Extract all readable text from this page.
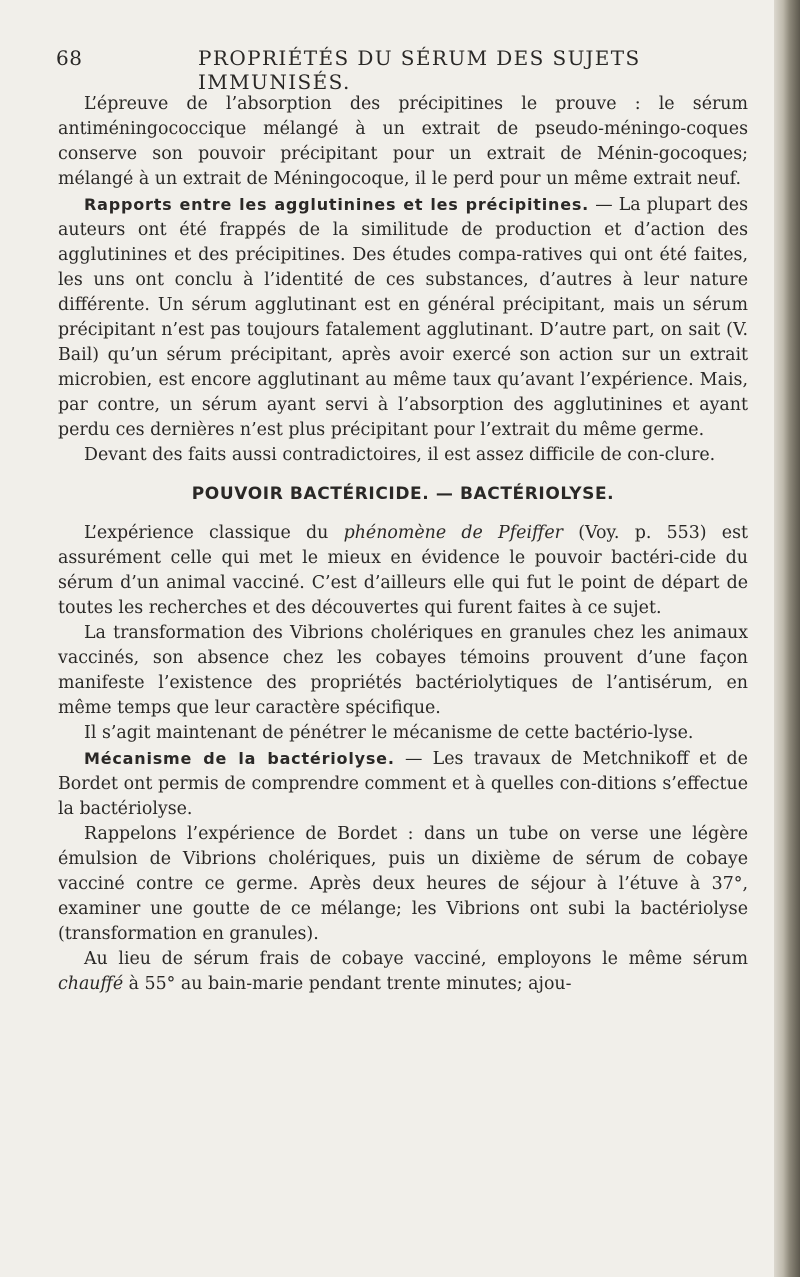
68	PROPRIÉTÉS DU SÉRUM DES SUJETS IMMUNISÉS.

L’épreuve de l’absorption des précipitines le prouve : le sérum antiméningococcique mélangé à un extrait de pseudo-méningo-coques conserve son pouvoir précipitant pour un extrait de Ménin-gocoques; mélangé à un extrait de Méningocoque, il le perd pour un même extrait neuf.

Rapports entre les agglutinines et les précipitines. — La plupart des auteurs ont été frappés de la similitude de production et d’action des agglutinines et des précipitines. Des études compa-ratives qui ont été faites, les uns ont conclu à l’identité de ces substances, d’autres à leur nature différente. Un sérum agglutinant est en général précipitant, mais un sérum précipitant n’est pas toujours fatalement agglutinant. D’autre part, on sait (V. Bail) qu’un sérum précipitant, après avoir exercé son action sur un extrait microbien, est encore agglutinant au même taux qu’avant l’expérience. Mais, par contre, un sérum ayant servi à l’absorption des agglutinines et ayant perdu ces dernières n’est plus précipitant pour l’extrait du même germe.

Devant des faits aussi contradictoires, il est assez difficile de con-clure.

POUVOIR BACTÉRICIDE. — BACTÉRIOLYSE.

L’expérience classique du phénomène de Pfeiffer (Voy. p. 553) est assurément celle qui met le mieux en évidence le pouvoir bactéri-cide du sérum d’un animal vacciné. C’est d’ailleurs elle qui fut le point de départ de toutes les recherches et des découvertes qui furent faites à ce sujet.

La transformation des Vibrions cholériques en granules chez les animaux vaccinés, son absence chez les cobayes témoins prouvent d’une façon manifeste l’existence des propriétés bactériolytiques de l’antisérum, en même temps que leur caractère spécifique.

Il s’agit maintenant de pénétrer le mécanisme de cette bactério-lyse.

Mécanisme de la bactériolyse. — Les travaux de Metchnikoff et de Bordet ont permis de comprendre comment et à quelles con-ditions s’effectue la bactériolyse.

Rappelons l’expérience de Bordet : dans un tube on verse une légère émulsion de Vibrions cholériques, puis un dixième de sérum de cobaye vacciné contre ce germe. Après deux heures de séjour à l’étuve à 37°, examiner une goutte de ce mélange; les Vibrions ont subi la bactériolyse (transformation en granules).

Au lieu de sérum frais de cobaye vacciné, employons le même sérum chauffé à 55° au bain-marie pendant trente minutes; ajou-
